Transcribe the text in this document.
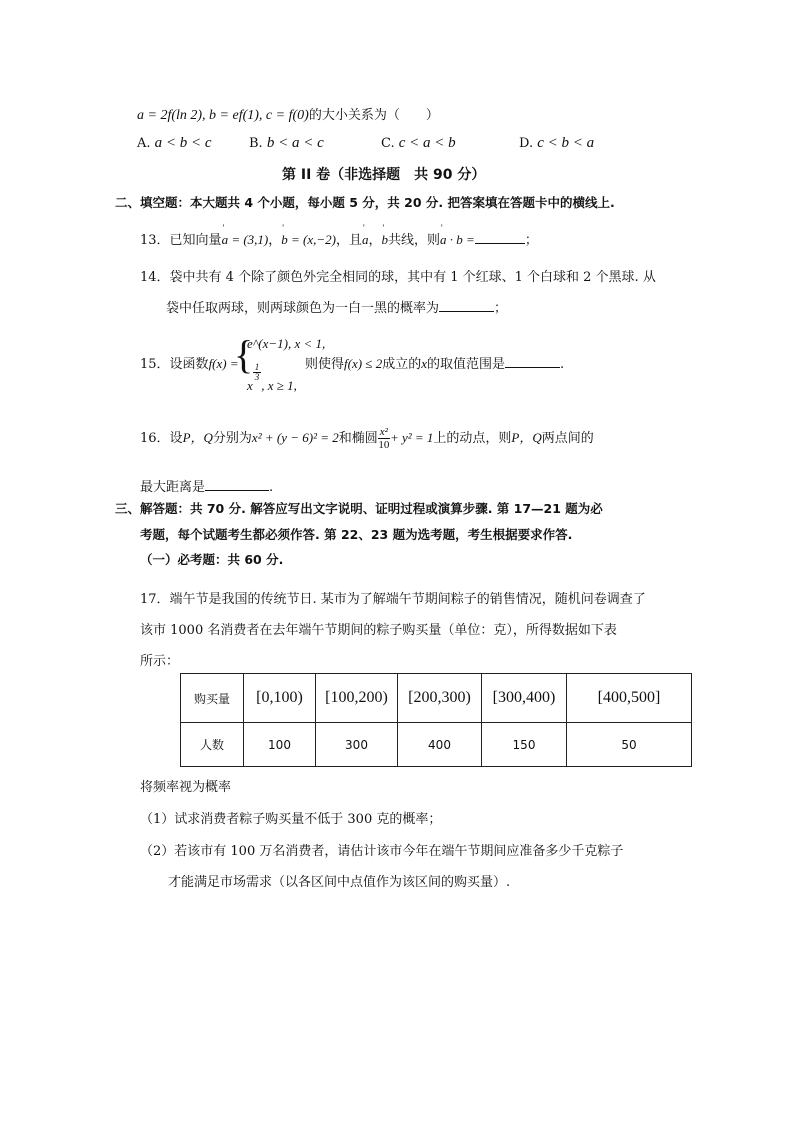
a = 2f(ln 2), b = ef(1), c = f(0)的大小关系为（　　）
A. a < b < c	B. b < a < c	C. c < a < b	D. c < b < a
第 II 卷（非选择题　共 90 分）
二、填空题：本大题共 4 个小题，每小题 5 分，共 20 分. 把答案填在答题卡中的横线上.
13．已知向量' a = (3,1)，' b = (x,−2)，且' a，' b共线，则' a · b =	；
14．袋中共有 4 个除了颜色外完全相同的球，其中有 1 个红球、1 个白球和 2 个黑球. 从
袋中任取两球，则两球颜色为一白一黑的概率为	；
15．设函数f(x) =
{
e^(x−1), x < 1,
x
$\frac{1}{3}$
, x ≥ 1,
则使得f(x) ≤ 2成立的x的取值范围是	.
16．设P，Q分别为x² + (y − 6)² = 2和椭圆 $\frac{\text{x²}}{10} + y^2 = 1$上的动点，则P，Q两点间的
最大距离是	.
三、解答题：共 70 分. 解答应写出文字说明、证明过程或演算步骤. 第 17—21 题为必
考题，每个试题考生都必须作答. 第 22、23 题为选考题，考生根据要求作答.
（一）必考题：共 60 分.
17．端午节是我国的传统节日. 某市为了解端午节期间粽子的销售情况，随机问卷调查了
该市 1000 名消费者在去年端午节期间的粽子购买量（单位：克），所得数据如下表
所示：
购买量	[0,100)	[100,200)	[200,300)	[300,400)	[400,500]
人数	100	300	400	150	50
将频率视为概率
（1）试求消费者粽子购买量不低于 300 克的概率；
（2）若该市有 100 万名消费者，请估计该市今年在端午节期间应准备多少千克粽子
才能满足市场需求（以各区间中点值作为该区间的购买量）.
